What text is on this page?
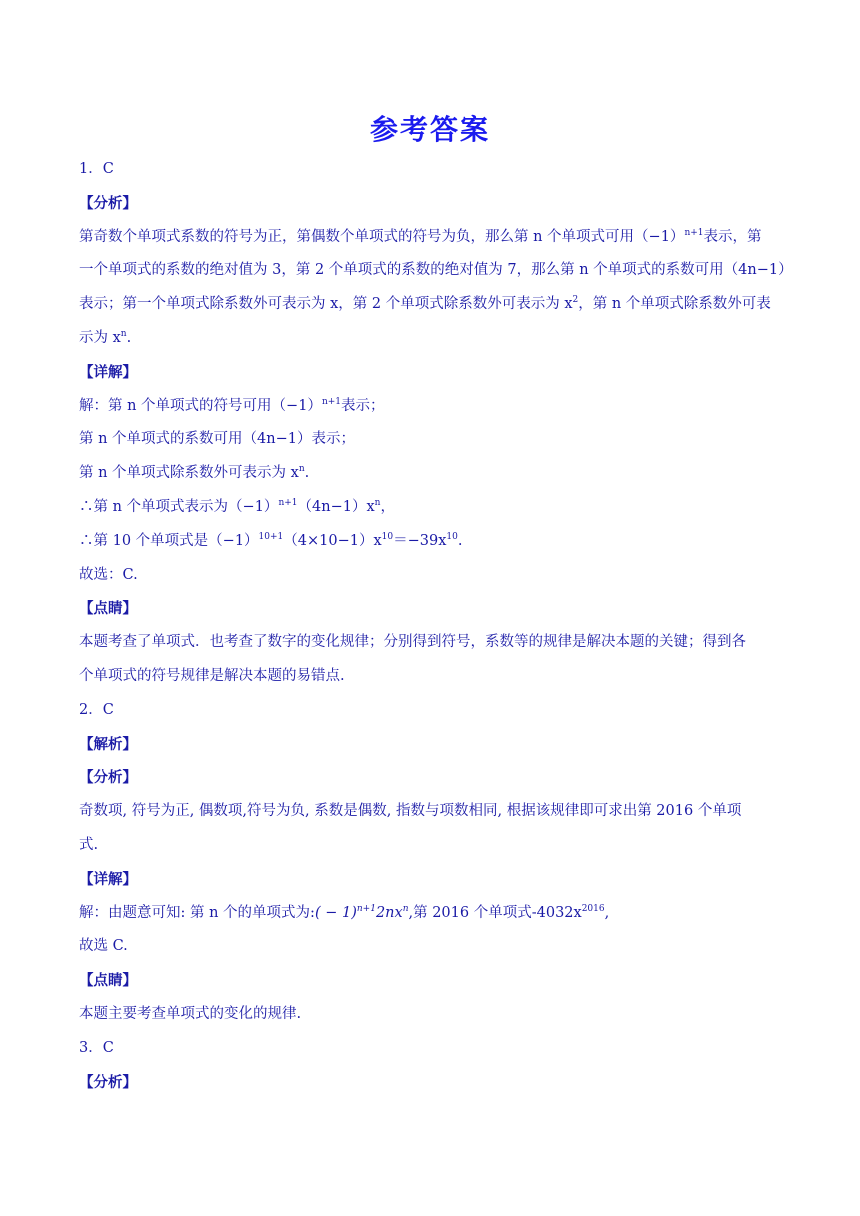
参考答案

1．C

【分析】

第奇数个单项式系数的符号为正，第偶数个单项式的符号为负，那么第 n 个单项式可用$(-1)^{n+1}$表示，第

一个单项式的系数的绝对值为 3，第 2 个单项式的系数的绝对值为 7，那么第 n 个单项式的系数可用（4n−1）

表示；第一个单项式除系数外可表示为 x，第 2 个单项式除系数外可表示为 $x^2$，第 n 个单项式除系数外可表

示为 $x^n$.

【详解】

解：第 n 个单项式的符号可用$(-1)^{n+1}$表示；

第 n 个单项式的系数可用（4n−1）表示；

第 n 个单项式除系数外可表示为 $x^n$.

∴第 n 个单项式表示为$(-1)^{n+1}(4n-1)x^n$，

∴第 10 个单项式是$(-1)^{10+1}(4\times 10-1)x^{10}=-39x^{10}$.

故选：C.

【点睛】

本题考查了单项式．也考查了数字的变化规律；分别得到符号，系数等的规律是解决本题的关键；得到各

个单项式的符号规律是解决本题的易错点.

2．C

【解析】

【分析】

奇数项, 符号为正, 偶数项,符号为负, 系数是偶数, 指数与项数相同, 根据该规律即可求出第 2016 个单项

式.

【详解】

解：由题意可知: 第 n 个的单项式为:( − $1)^{n+1}2nx^n$,第 2016 个单项式$-4032x^{2016}$,

故选 C.

【点睛】

本题主要考查单项式的变化的规律.

3．C

【分析】
